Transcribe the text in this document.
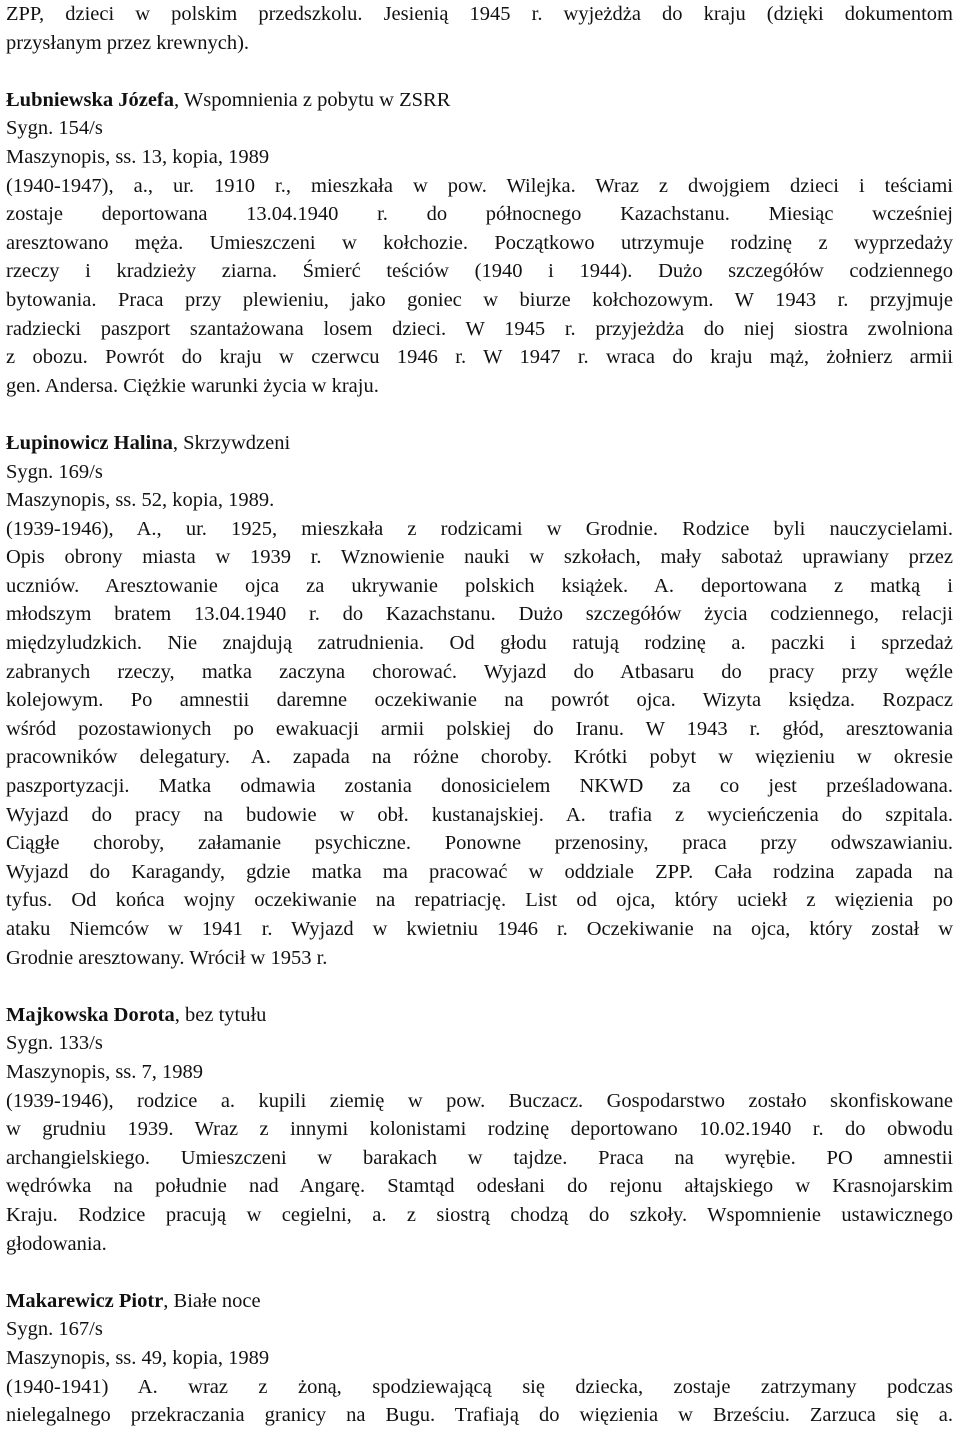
ZPP, dzieci w polskim przedszkolu. Jesienią 1945 r. wyjeżdża do kraju (dzięki dokumentom
przysłanym przez krewnych).
Łubniewska Józefa, Wspomnienia z pobytu w ZSRR
Sygn. 154/s
Maszynopis, ss. 13, kopia, 1989
(1940-1947), a., ur. 1910 r., mieszkała w pow. Wilejka. Wraz z dwojgiem dzieci i teściami
zostaje deportowana 13.04.1940 r. do północnego Kazachstanu. Miesiąc wcześniej
aresztowano męża. Umieszczeni w kołchozie. Początkowo utrzymuje rodzinę z wyprzedaży
rzeczy i kradzieży ziarna. Śmierć teściów (1940 i 1944). Dużo szczegółów codziennego
bytowania. Praca przy plewieniu, jako goniec w biurze kołchozowym. W 1943 r. przyjmuje
radziecki paszport szantażowana losem dzieci. W 1945 r. przyjeżdża do niej siostra zwolniona
z obozu. Powrót do kraju w czerwcu 1946 r. W 1947 r. wraca do kraju mąż, żołnierz armii
gen. Andersa. Ciężkie warunki życia w kraju.
Łupinowicz Halina, Skrzywdzeni
Sygn. 169/s
Maszynopis, ss. 52, kopia, 1989.
(1939-1946), A., ur. 1925, mieszkała z rodzicami w Grodnie. Rodzice byli nauczycielami.
Opis obrony miasta w 1939 r. Wznowienie nauki w szkołach, mały sabotaż uprawiany przez
uczniów. Aresztowanie ojca za ukrywanie polskich książek. A. deportowana z matką i
młodszym bratem 13.04.1940 r. do Kazachstanu. Dużo szczegółów życia codziennego, relacji
międzyludzkich. Nie znajdują zatrudnienia. Od głodu ratują rodzinę a. paczki i sprzedaż
zabranych rzeczy, matka zaczyna chorować. Wyjazd do Atbasaru do pracy przy węźle
kolejowym. Po amnestii daremne oczekiwanie na powrót ojca. Wizyta księdza. Rozpacz
wśród pozostawionych po ewakuacji armii polskiej do Iranu. W 1943 r. głód, aresztowania
pracowników delegatury. A. zapada na różne choroby. Krótki pobyt w więzieniu w okresie
paszportyzacji. Matka odmawia zostania donosicielem NKWD za co jest prześladowana.
Wyjazd do pracy na budowie w obł. kustanajskiej. A. trafia z wycieńczenia do szpitala.
Ciągłe choroby, załamanie psychiczne. Ponowne przenosiny, praca przy odwszawianiu.
Wyjazd do Karagandy, gdzie matka ma pracować w oddziale ZPP. Cała rodzina zapada na
tyfus. Od końca wojny oczekiwanie na repatriację. List od ojca, który uciekł z więzienia po
ataku Niemców w 1941 r. Wyjazd w kwietniu 1946 r. Oczekiwanie na ojca, który został w
Grodnie aresztowany. Wrócił w 1953 r.
Majkowska Dorota, bez tytułu
Sygn. 133/s
Maszynopis, ss. 7, 1989
(1939-1946), rodzice a. kupili ziemię w pow. Buczacz. Gospodarstwo zostało skonfiskowane
w grudniu 1939. Wraz z innymi kolonistami rodzinę deportowano 10.02.1940 r. do obwodu
archangielskiego. Umieszczeni w barakach w tajdze. Praca na wyrębie. PO amnestii
wędrówka na południe nad Angarę. Stamtąd odesłani do rejonu ałtajskiego w Krasnojarskim
Kraju. Rodzice pracują w cegielni, a. z siostrą chodzą do szkoły. Wspomnienie ustawicznego
głodowania.
Makarewicz Piotr, Białe noce
Sygn. 167/s
Maszynopis, ss. 49, kopia, 1989
(1940-1941) A. wraz z żoną, spodziewającą się dziecka, zostaje zatrzymany podczas
nielegalnego przekraczania granicy na Bugu. Trafiają do więzienia w Brześciu. Zarzuca się a.
